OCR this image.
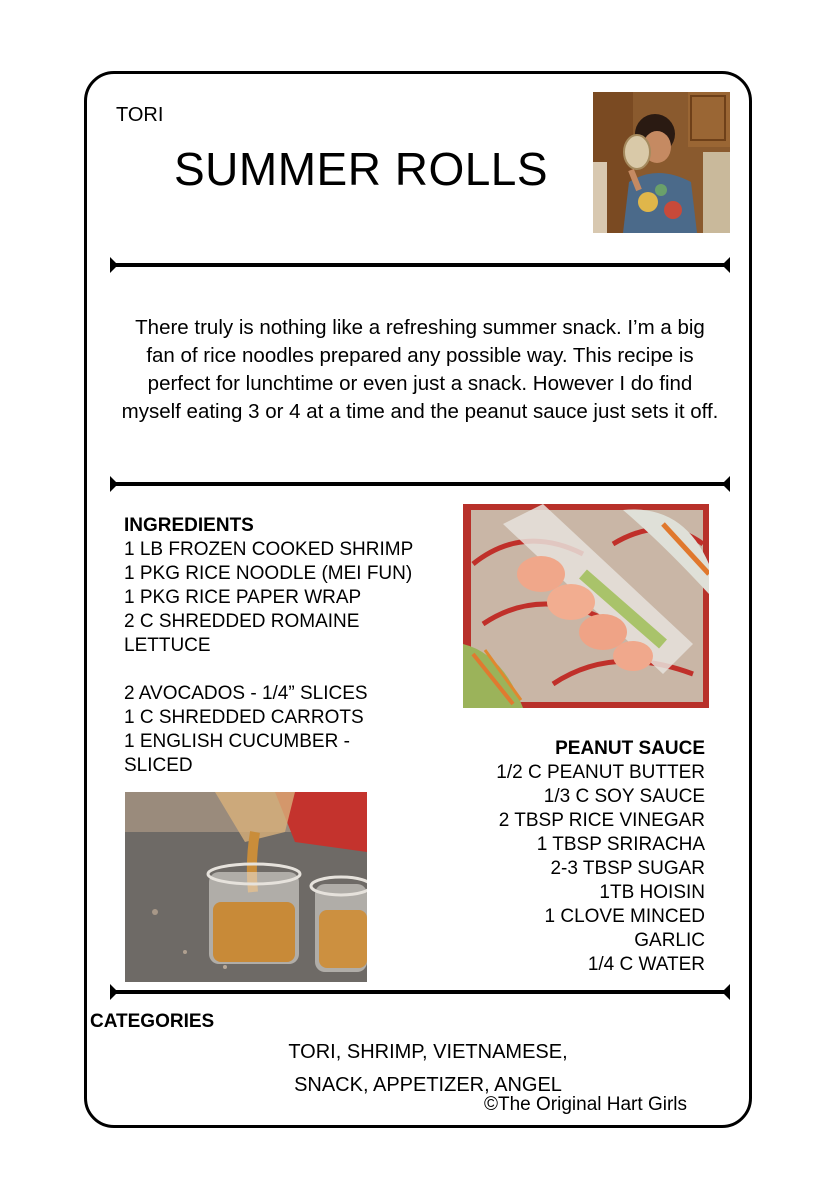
TORI
SUMMER ROLLS
There truly is nothing like a refreshing summer snack. I’m a big fan of rice noodles prepared any possible way. This recipe is perfect for lunchtime or even just a snack. However I do find myself eating 3 or 4 at a time and the peanut sauce just sets it off.
INGREDIENTS
1 LB FROZEN COOKED SHRIMP
1 PKG RICE NOODLE (MEI FUN)
1 PKG RICE PAPER WRAP
2 C SHREDDED ROMAINE LETTUCE
2 AVOCADOS - 1/4” SLICES
1 C SHREDDED CARROTS
1 ENGLISH CUCUMBER - SLICED
PEANUT SAUCE
1/2 C PEANUT BUTTER
1/3 C SOY SAUCE
2 TBSP RICE VINEGAR
1 TBSP SRIRACHA
2-3 TBSP SUGAR
1TB HOISIN
1 CLOVE MINCED GARLIC
1/4 C WATER
CATEGORIES
TORI, SHRIMP, VIETNAMESE,
SNACK, APPETIZER, ANGEL
©The Original Hart Girls
